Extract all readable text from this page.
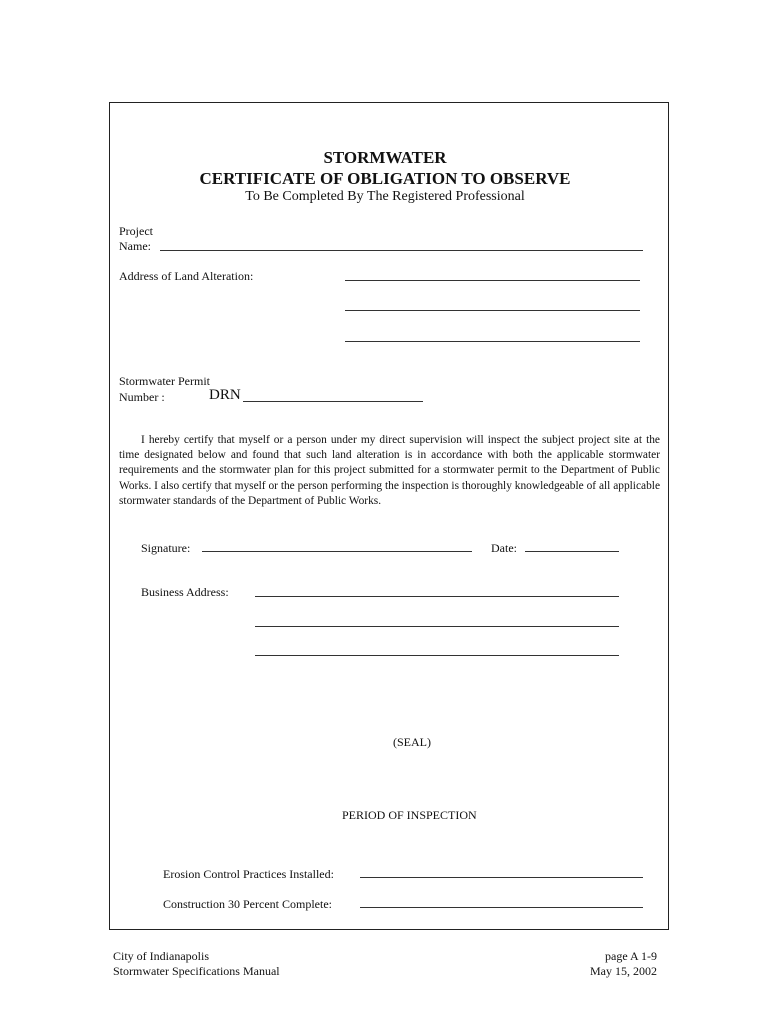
STORMWATER
CERTIFICATE OF OBLIGATION TO OBSERVE
To Be Completed By The Registered Professional
Project
Name:
Address of Land Alteration:
Stormwater Permit
Number :	DRN
I hereby certify that myself or a person under my direct supervision will inspect the subject project site at the time designated below and found that such land alteration is in accordance with both the applicable stormwater requirements and the stormwater plan for this project submitted for a stormwater permit to the Department of Public Works. I also certify that myself or the person performing the inspection is thoroughly knowledgeable of all applicable stormwater standards of the Department of Public Works.
Signature:	Date:
Business Address:
(SEAL)
PERIOD OF INSPECTION
Erosion Control Practices Installed:
Construction 30 Percent Complete:
City of Indianapolis
Stormwater Specifications Manual
page A 1-9
May 15, 2002
